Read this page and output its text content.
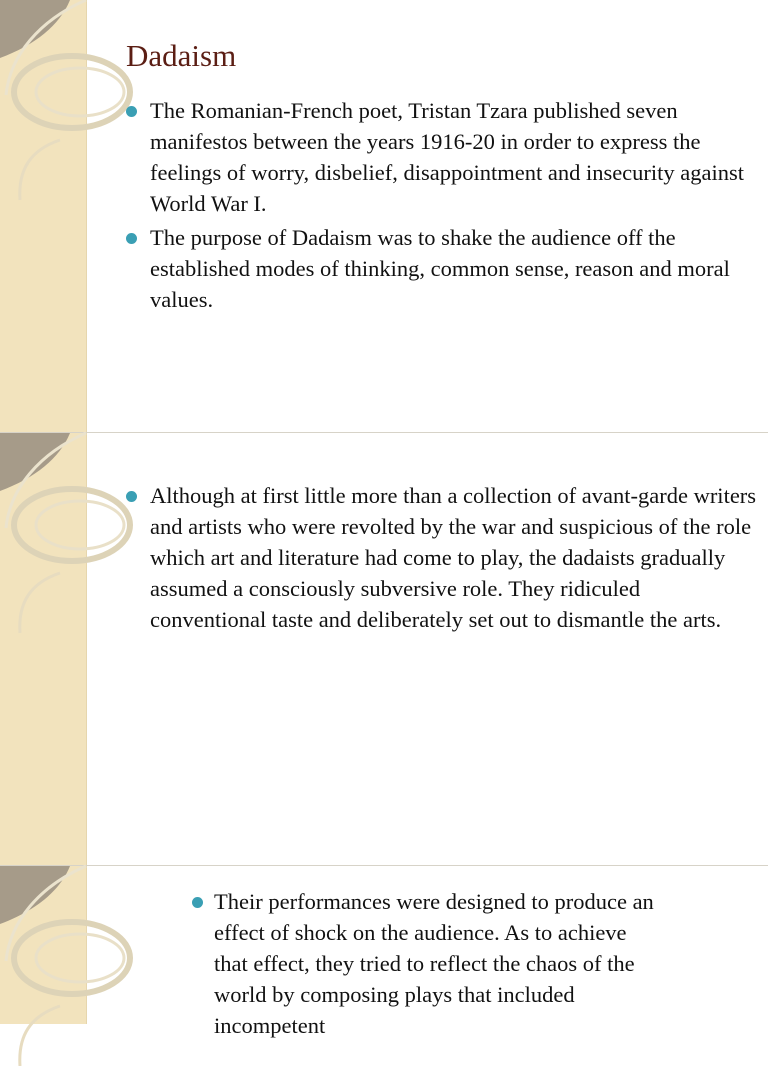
Dadaism
The Romanian-French poet, Tristan Tzara published seven manifestos between the years 1916-20 in order to express the feelings of worry, disbelief, disappointment and insecurity against World War I.
The purpose of Dadaism was to shake the audience off the established modes of thinking, common sense, reason and moral values.
Although at first little more than a collection of avant-garde writers and artists who were revolted by the war and suspicious of the role which art and literature had come to play, the dadaists gradually assumed a consciously subversive role. They ridiculed conventional taste and deliberately set out to dismantle the arts.
Their performances were designed to produce an effect of shock on the audience. As to achieve that effect, they tried to reflect the chaos of the world by composing plays that included incompetent
